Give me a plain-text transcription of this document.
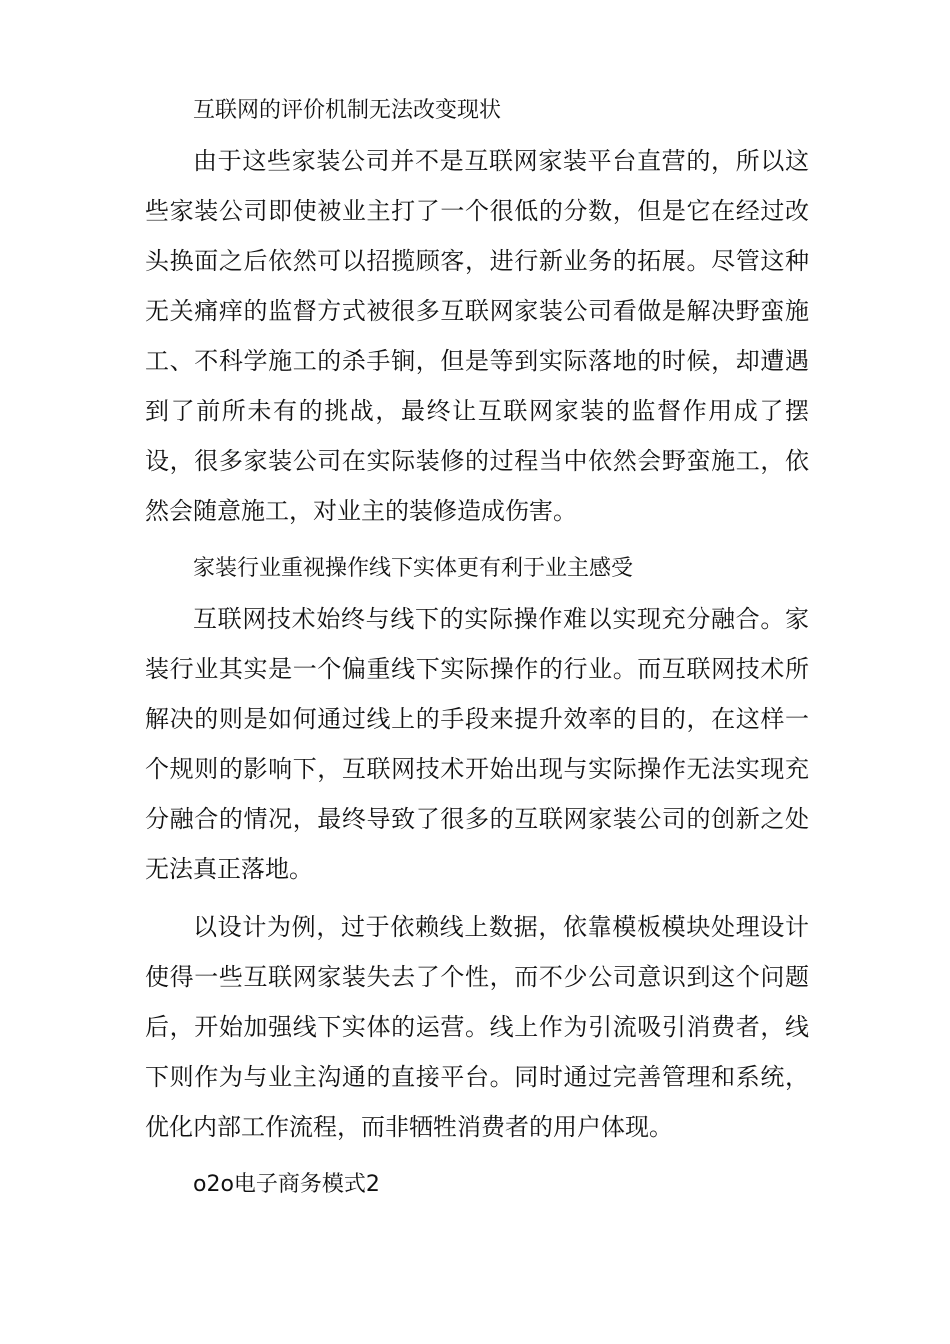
互联网的评价机制无法改变现状

由于这些家装公司并不是互联网家装平台直营的，所以这些家装公司即使被业主打了一个很低的分数，但是它在经过改头换面之后依然可以招揽顾客，进行新业务的拓展。尽管这种无关痛痒的监督方式被很多互联网家装公司看做是解决野蛮施工、不科学施工的杀手锏，但是等到实际落地的时候，却遭遇到了前所未有的挑战，最终让互联网家装的监督作用成了摆设，很多家装公司在实际装修的过程当中依然会野蛮施工，依然会随意施工，对业主的装修造成伤害。

家装行业重视操作线下实体更有利于业主感受

互联网技术始终与线下的实际操作难以实现充分融合。家装行业其实是一个偏重线下实际操作的行业。而互联网技术所解决的则是如何通过线上的手段来提升效率的目的，在这样一个规则的影响下，互联网技术开始出现与实际操作无法实现充分融合的情况，最终导致了很多的互联网家装公司的创新之处无法真正落地。

以设计为例，过于依赖线上数据，依靠模板模块处理设计使得一些互联网家装失去了个性，而不少公司意识到这个问题后，开始加强线下实体的运营。线上作为引流吸引消费者，线下则作为与业主沟通的直接平台。同时通过完善管理和系统，优化内部工作流程，而非牺牲消费者的用户体现。

o2o电子商务模式2
